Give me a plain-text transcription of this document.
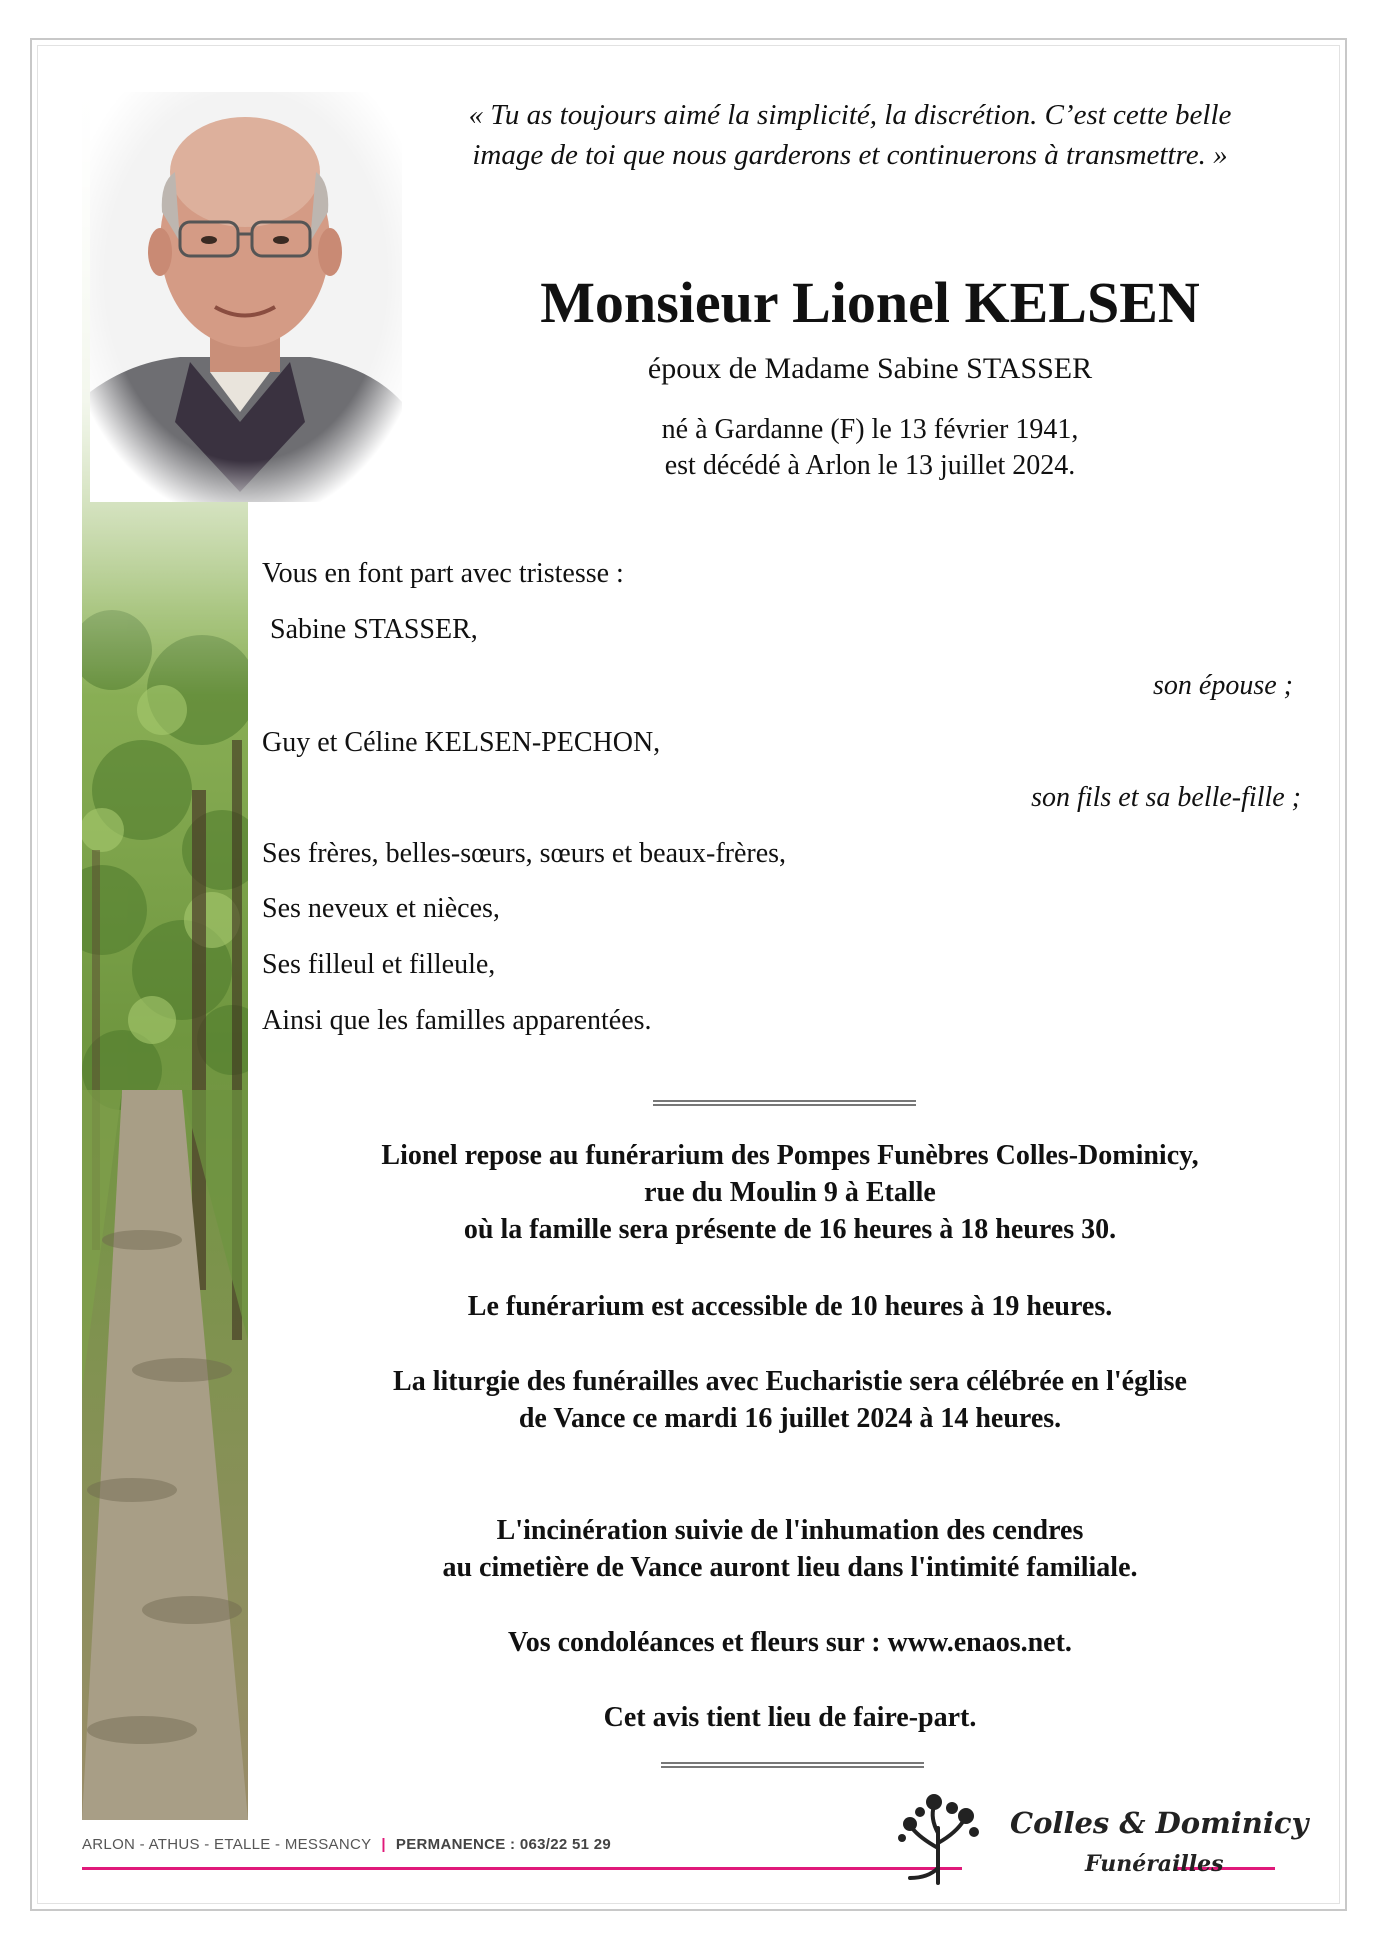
« Tu as toujours aimé la simplicité, la discrétion. C’est cette belle
image de toi que nous garderons et continuerons à transmettre. »
Monsieur Lionel KELSEN
époux de Madame Sabine STASSER
né à Gardanne (F) le 13 février 1941,
est décédé à Arlon le 13 juillet 2024.
Vous en font part avec tristesse :
Sabine STASSER,
son épouse ;
Guy et Céline KELSEN-PECHON,
son fils et sa belle-fille ;
Ses frères, belles-sœurs, sœurs et beaux-frères,
Ses neveux et nièces,
Ses filleul et filleule,
Ainsi que les familles apparentées.
Lionel repose au funérarium des Pompes Funèbres Colles-Dominicy,
rue du Moulin 9 à Etalle
où la famille sera présente de 16 heures à 18 heures 30.
Le funérarium est accessible de 10 heures à 19 heures.
La liturgie des funérailles avec Eucharistie sera célébrée en l'église
de Vance ce mardi 16 juillet 2024 à 14 heures.
L'incinération suivie de l'inhumation des cendres
au cimetière de Vance auront lieu dans l'intimité familiale.
Vos condoléances et fleurs sur : www.enaos.net.
Cet avis tient lieu de faire-part.
ARLON - ATHUS - ETALLE - MESSANCY | PERMANENCE : 063/22 51 29
Colles & Dominicy
Funérailles
